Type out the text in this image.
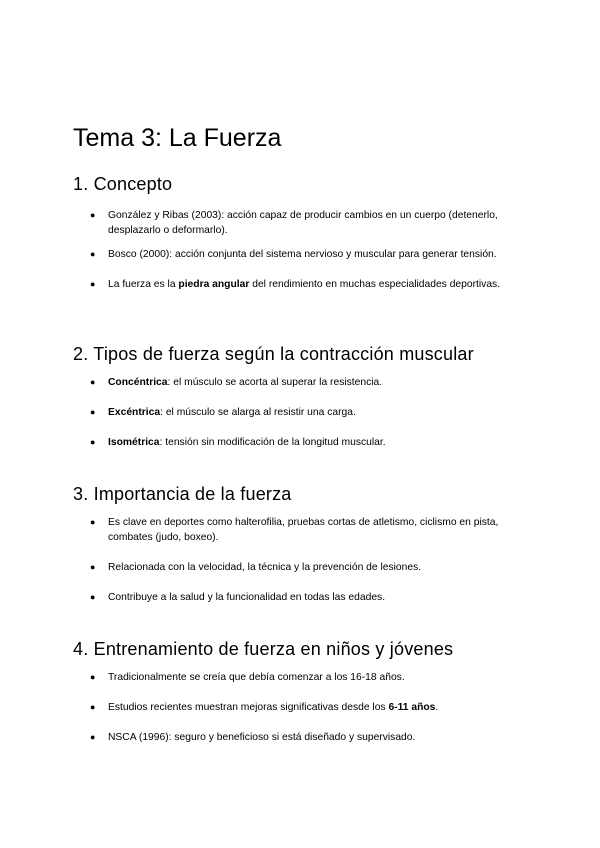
Tema 3: La Fuerza
1. Concepto
● González y Ribas (2003): acción capaz de producir cambios en un cuerpo (detenerlo, desplazarlo o deformarlo).
● Bosco (2000): acción conjunta del sistema nervioso y muscular para generar tensión.
● La fuerza es la piedra angular del rendimiento en muchas especialidades deportivas.
2. Tipos de fuerza según la contracción muscular
● Concéntrica: el músculo se acorta al superar la resistencia.
● Excéntrica: el músculo se alarga al resistir una carga.
● Isométrica: tensión sin modificación de la longitud muscular.
3. Importancia de la fuerza
● Es clave en deportes como halterofilia, pruebas cortas de atletismo, ciclismo en pista, combates (judo, boxeo).
● Relacionada con la velocidad, la técnica y la prevención de lesiones.
● Contribuye a la salud y la funcionalidad en todas las edades.
4. Entrenamiento de fuerza en niños y jóvenes
● Tradicionalmente se creía que debía comenzar a los 16-18 años.
● Estudios recientes muestran mejoras significativas desde los 6-11 años.
● NSCA (1996): seguro y beneficioso si está diseñado y supervisado.
